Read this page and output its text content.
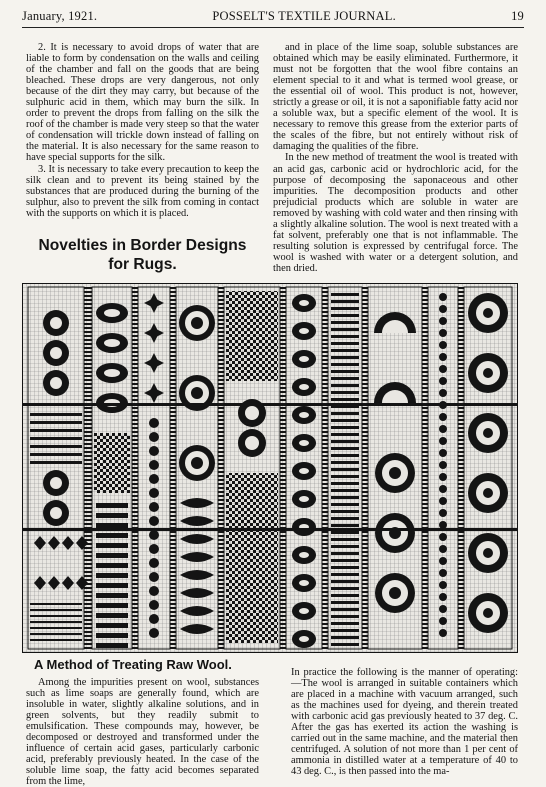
January, 1921.	POSSELT'S TEXTILE JOURNAL.	19

2. It is necessary to avoid drops of water that are liable to form by condensation on the walls and ceiling of the chamber and fall on the goods that are being bleached. These drops are very dangerous, not only because of the dirt they may carry, but because of the sulphuric acid in them, which may burn the silk. In order to prevent the drops from falling on the silk the roof of the chamber is made very steep so that the water of condensation will trickle down instead of falling on the material. It is also necessary for the same reason to have special supports for the silk.

3. It is necessary to take every precaution to keep the silk clean and to prevent its being stained by the substances that are produced during the burning of the sulphur, also to prevent the silk from coming in contact with the supports on which it is placed.

Novelties in Border Designs for Rugs.

and in place of the lime soap, soluble substances are obtained which may be easily eliminated. Furthermore, it must not be forgotten that the wool fibre contains an element special to it and what is termed wool grease, or the essential oil of wool. This product is not, however, strictly a grease or oil, it is not a saponifiable fatty acid nor a soluble wax, but a specific element of the wool. It is necessary to remove this grease from the exterior parts of the scales of the fibre, but not entirely without risk of damaging the qualities of the fibre.

In the new method of treatment the wool is treated with an acid gas, carbonic acid or hydrochloric acid, for the purpose of decomposing the saponaceous and other impurities. The decomposition products and other prejudicial products which are soluble in water are removed by washing with cold water and then rinsing with a slightly alkaline solution. The wool is next treated with a fat solvent, preferably one that is not inflammable. The resulting solution is expressed by centrifugal force. The wool is washed with water or a detergent solution, and then dried.

A Method of Treating Raw Wool.

Among the impurities present on wool, substances such as lime soaps are generally found, which are insoluble in water, slightly alkaline solutions, and in green solvents, but they readily submit to emulsification. These compounds may, however, be decomposed or destroyed and transformed under the influence of certain acid gases, particularly carbonic acid, preferably previously heated. In the case of the soluble lime soap, the fatty acid becomes separated from the lime,

In practice the following is the manner of operating:—The wool is arranged in suitable containers which are placed in a machine with vacuum arranged, such as the machines used for dyeing, and therein treated with carbonic acid gas previously heated to 37 deg. C. After the gas has exerted its action the washing is carried out in the same machine, and the material then centrifuged. A solution of not more than 1 per cent of ammonia in distilled water at a temperature of 40 to 43 deg. C., is then passed into the ma-
